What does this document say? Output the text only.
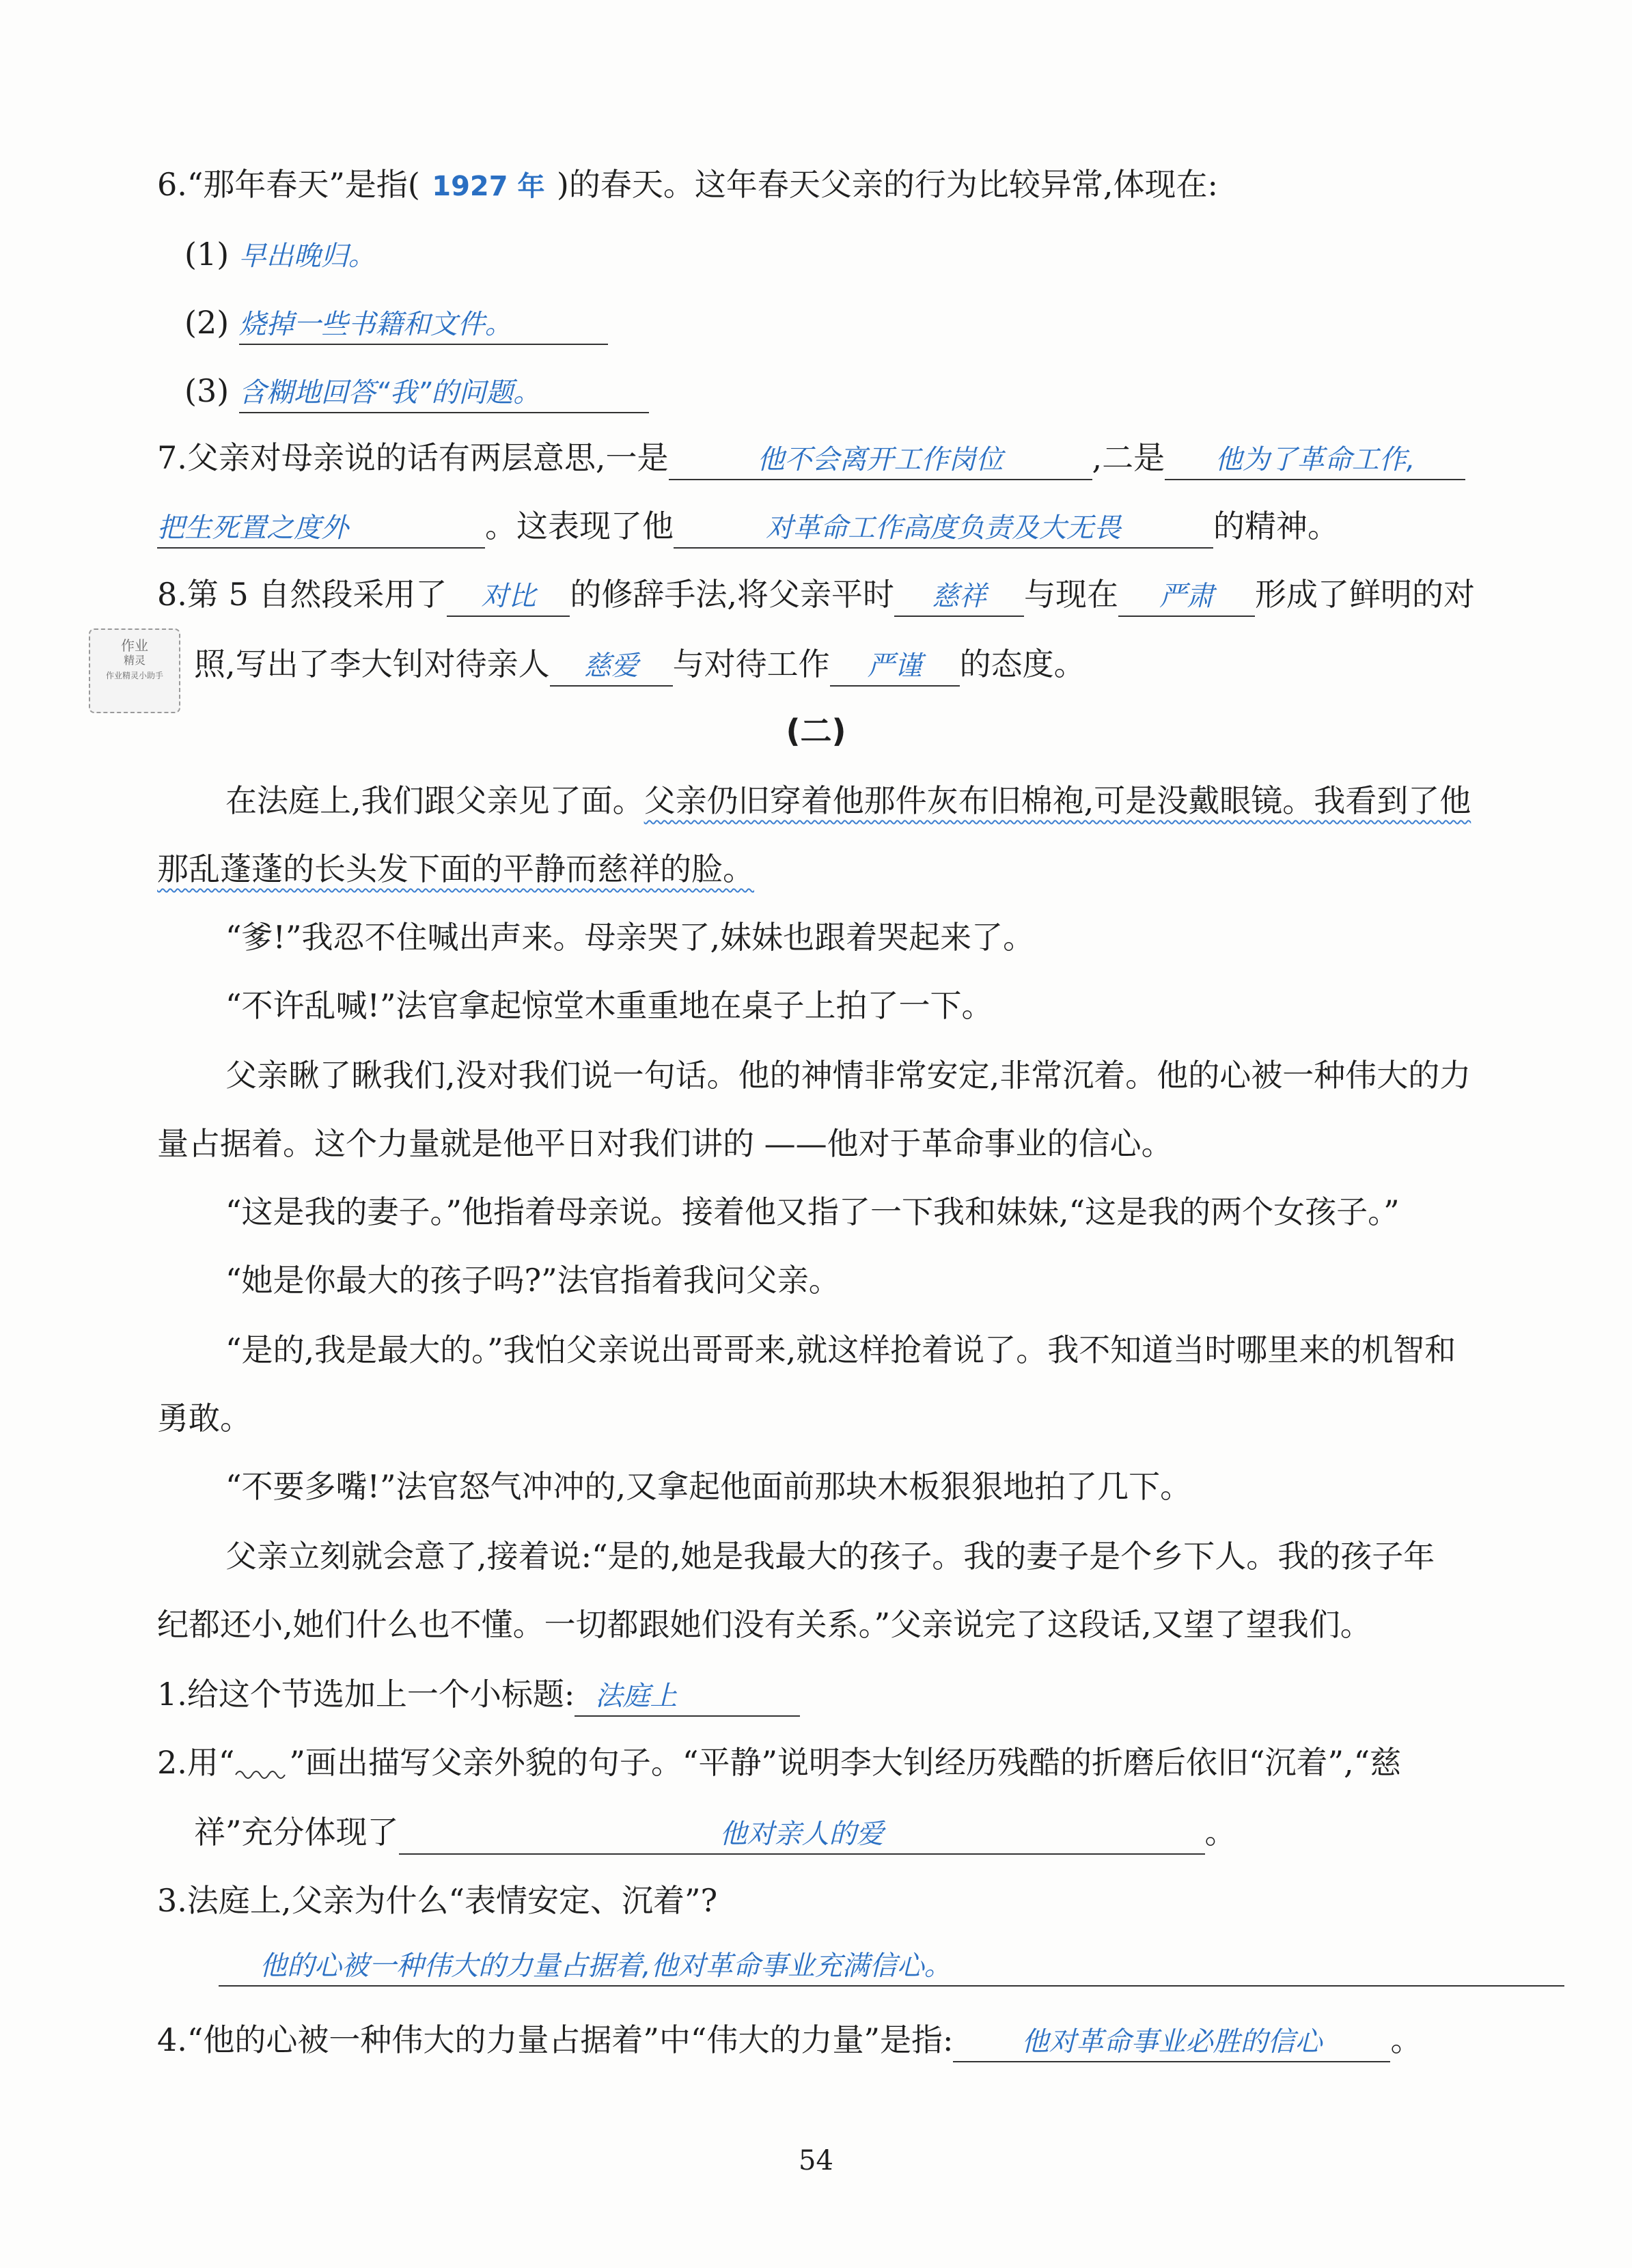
6.“那年春天”是指( 1927 年 )的春天。这年春天父亲的行为比较异常,体现在:
(1) 早出晚归。
(2) 烧掉一些书籍和文件。
(3) 含糊地回答“我”的问题。
7.父亲对母亲说的话有两层意思,一是	他不会离开工作岗位	,二是 他为了革命工作,
把生死置之度外	。这表现了他	对革命工作高度负责及大无畏	的精神。
8.第 5 自然段采用了 对比 的修辞手法,将父亲平时 慈祥 与现在 严肃 形成了鲜明的对
照,写出了李大钊对待亲人 慈爱 与对待工作 严谨 的态度。
作业
精灵
作业精灵小助手
(二)
在法庭上,我们跟父亲见了面。父亲仍旧穿着他那件灰布旧棉袍,可是没戴眼镜。我看到了他
那乱蓬蓬的长头发下面的平静而慈祥的脸。
“爹!”我忍不住喊出声来。母亲哭了,妹妹也跟着哭起来了。
“不许乱喊!”法官拿起惊堂木重重地在桌子上拍了一下。
父亲瞅了瞅我们,没对我们说一句话。他的神情非常安定,非常沉着。他的心被一种伟大的力
量占据着。这个力量就是他平日对我们讲的 ——他对于革命事业的信心。
“这是我的妻子。”他指着母亲说。接着他又指了一下我和妹妹,“这是我的两个女孩子。”
“她是你最大的孩子吗?”法官指着我问父亲。
“是的,我是最大的。”我怕父亲说出哥哥来,就这样抢着说了。我不知道当时哪里来的机智和
勇敢。
“不要多嘴!”法官怒气冲冲的,又拿起他面前那块木板狠狠地拍了几下。
父亲立刻就会意了,接着说:“是的,她是我最大的孩子。我的妻子是个乡下人。我的孩子年
纪都还小,她们什么也不懂。一切都跟她们没有关系。”父亲说完了这段话,又望了望我们。
1.给这个节选加上一个小标题: 法庭上
2.用“ ”画出描写父亲外貌的句子。“平静”说明李大钊经历残酷的折磨后依旧“沉着”,“慈
祥”充分体现了	他对亲人的爱	。
3.法庭上,父亲为什么“表情安定、沉着”?
他的心被一种伟大的力量占据着,他对革命事业充满信心。
4.“他的心被一种伟大的力量占据着”中“伟大的力量”是指:	他对革命事业必胜的信心 。
54
